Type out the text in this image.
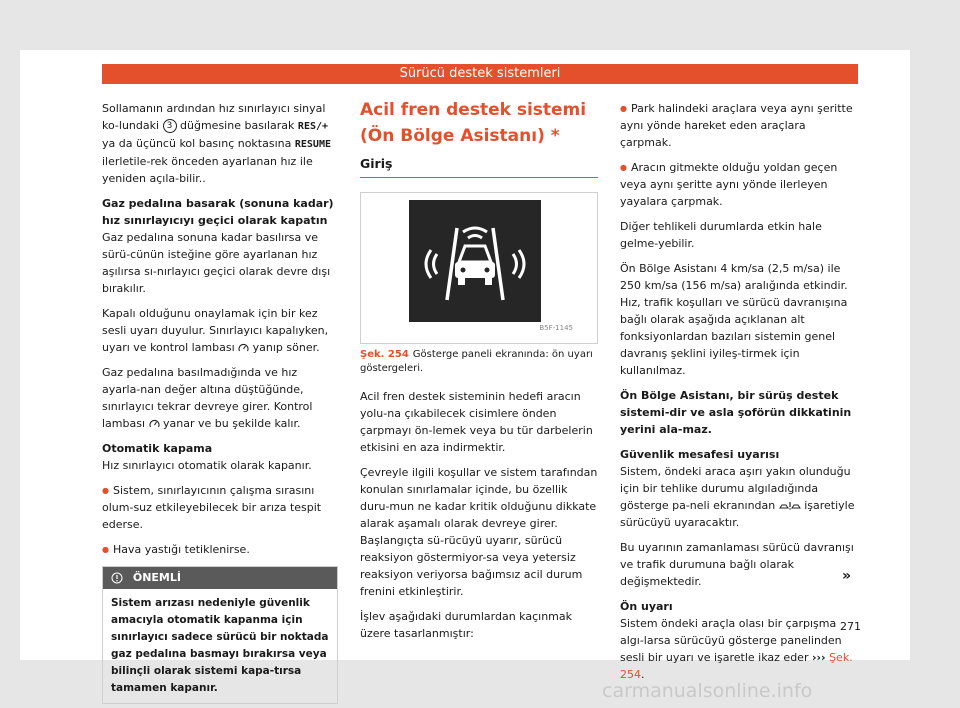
Sürücü destek sistemleri

Sollamanın ardından hız sınırlayıcı sinyal ko-lundaki 3 düğmesine basılarak RES/+ ya da üçüncü kol basınç noktasına RESUME ilerletile-rek önceden ayarlanan hız ile yeniden açıla-bilir..

Gaz pedalına basarak (sonuna kadar) hız sınırlayıcıyı geçici olarak kapatın

Gaz pedalına sonuna kadar basılırsa ve sürü-cünün isteğine göre ayarlanan hız aşılırsa sı-nırlayıcı geçici olarak devre dışı bırakılır.

Kapalı olduğunu onaylamak için bir kez sesli uyarı duyulur. Sınırlayıcı kapalıyken, uyarı ve kontrol lambası  yanıp söner.

Gaz pedalına basılmadığında ve hız ayarla-nan değer altına düştüğünde, sınırlayıcı tekrar devreye girer. Kontrol lambası  yanar ve bu şekilde kalır.

Otomatik kapama

Hız sınırlayıcı otomatik olarak kapanır.

● Sistem, sınırlayıcının çalışma sırasını olum-suz etkileyebilecek bir arıza tespit ederse.

● Hava yastığı tetiklenirse.

ÖNEMLİ
Sistem arızası nedeniyle güvenlik amacıyla otomatik kapanma için sınırlayıcı sadece sürücü bir noktada gaz pedalına basmayı bırakırsa veya bilinçli olarak sistemi kapa-tırsa tamamen kapanır.
Acil fren destek sistemi (Ön Bölge Asistanı) *
Giriş
B5F-1145
Şek. 254 Gösterge paneli ekranında: ön uyarı göstergeleri.

Acil fren destek sisteminin hedefi aracın yolu-na çıkabilecek cisimlere önden çarpmayı ön-lemek veya bu tür darbelerin etkisini en aza indirmektir.

Çevreyle ilgili koşullar ve sistem tarafından konulan sınırlamalar içinde, bu özellik duru-mun ne kadar kritik olduğunu dikkate alarak aşamalı olarak devreye girer. Başlangıçta sü-rücüyü uyarır, sürücü reaksiyon göstermiyor-sa veya yetersiz reaksiyon veriyorsa bağımsız acil durum frenini etkinleştirir.

İşlev aşağıdaki durumlardan kaçınmak üzere tasarlanmıştır:

● Park halindeki araçlara veya aynı şeritte aynı yönde hareket eden araçlara çarpmak.

● Aracın gitmekte olduğu yoldan geçen veya aynı şeritte aynı yönde ilerleyen yayalara çarpmak.

Diğer tehlikeli durumlarda etkin hale gelme-yebilir.

Ön Bölge Asistanı 4 km/sa (2,5 m/sa) ile 250 km/sa (156 m/sa) aralığında etkindir. Hız, trafik koşulları ve sürücü davranışına bağlı olarak aşağıda açıklanan alt fonksiyonlardan bazıları sistemin genel davranış şeklini iyileş-tirmek için kullanılmaz.

Ön Bölge Asistanı, bir sürüş destek sistemi-dir ve asla şoförün dikkatinin yerini ala-maz.
Güvenlik mesafesi uyarısı

Sistem, öndeki araca aşırı yakın olunduğu için bir tehlike durumu algıladığında gösterge pa-neli ekranından  işaretiyle sürücüyü uyaracaktır.

Bu uyarının zamanlaması sürücü davranışı ve trafik durumuna bağlı olarak değişmektedir.

Ön uyarı

Sistem öndeki araçla olası bir çarpışma algı-larsa sürücüyü gösterge panelinden sesli bir uyarı ve işaretle ikaz eder ››› Şek. 254.

»
271
carmanualsonline.info
